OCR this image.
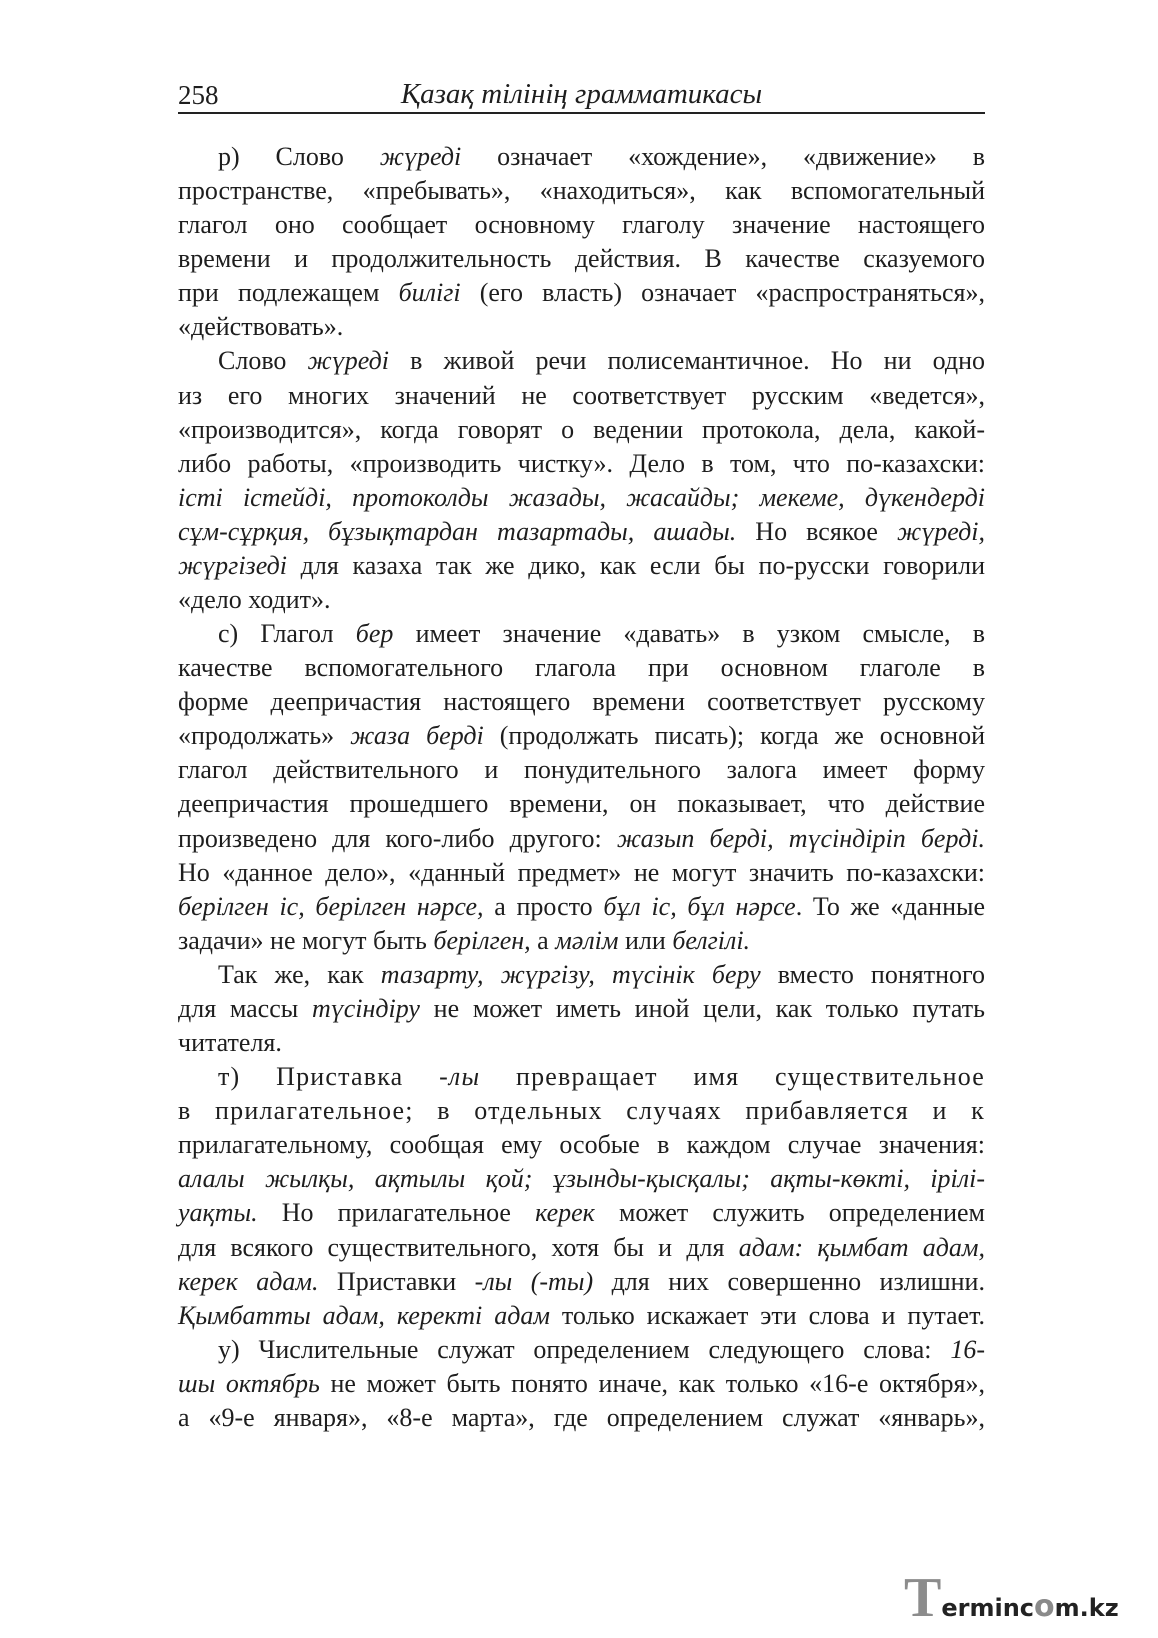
258	Қазақ тілінің грамматикасы
р) Слово жүреді означает «хождение», «движение» в
пространстве, «пребывать», «находиться», как вспомогательный
глагол оно сообщает основному глаголу значение настоящего
времени и продолжительность действия. В качестве сказуемого
при подлежащем билігі (его власть) означает «распространяться»,
«действовать».
Слово жүреді в живой речи полисемантичное. Но ни одно
из его многих значений не соответствует русским «ведется»,
«производится», когда говорят о ведении протокола, дела, какой-
либо работы, «производить чистку». Дело в том, что по-казахски:
істі істейді, протоколды жазады, жасайды; мекеме, дүкендерді
сұм-сұрқия, бұзықтардан тазартады, ашады. Но всякое жүреді,
жүргізеді для казаха так же дико, как если бы по-русски говорили
«дело ходит».
с) Глагол бер имеет значение «давать» в узком смысле, в
качестве вспомогательного глагола при основном глаголе в
форме деепричастия настоящего времени соответствует русскому
«продолжать» жаза берді (продолжать писать); когда же основной
глагол действительного и понудительного залога имеет форму
деепричастия прошедшего времени, он показывает, что действие
произведено для кого-либо другого: жазып берді, түсіндіріп берді.
Но «данное дело», «данный предмет» не могут значить по-казахски:
берілген іс, берілген нәрсе, а просто бұл іс, бұл нәрсе. То же «данные
задачи» не могут быть берілген, а мәлім или белгілі.
Так же, как тазарту, жүргізу, түсінік беру вместо понятного
для массы түсіндіру не может иметь иной цели, как только путать
читателя.
т) Приставка -лы превращает имя существительное
в прилагательное; в отдельных случаях прибавляется и к
прилагательному, сообщая ему особые в каждом случае значения:
алалы жылқы, ақтылы қой; ұзынды-қысқалы; ақты-көкті, ірілі-
уақты. Но прилагательное керек может служить определением
для всякого существительного, хотя бы и для адам: қымбат адам,
керек адам. Приставки -лы (-ты) для них совершенно излишни.
Қымбатты адам, керекті адам только искажает эти слова и путает.
у) Числительные служат определением следующего слова: 16-
шы октябрь не может быть понято иначе, как только «16-е октября»,
а «9-е января», «8-е марта», где определением служат «январь»,
Termincom.kz
